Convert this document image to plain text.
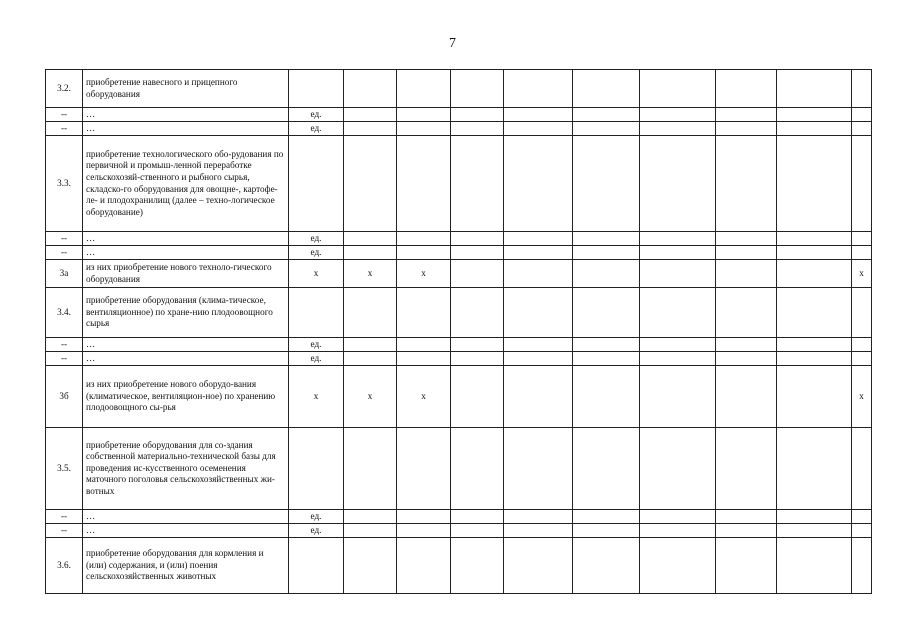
7
3.2.	приобретение навесного и прицепного оборудования										
--	…	ед.									
--	…	ед.									
3.3.	приобретение технологического обо-рудования по первичной и промыш-ленной переработке сельскохозяй-ственного и рыбного сырья, складско-го оборудования для овощне-, картофе-ле- и плодохранилищ (далее – техно-логическое оборудование)										
--	…	ед.									
--	…	ед.									
3а	из них приобретение нового техноло-гического оборудования	х	х	х							х
3.4.	приобретение оборудования (клима-тическое, вентиляционное) по хране-нию плодоовощного сырья										
--	…	ед.									
--	…	ед.									
3б	из них приобретение нового оборудо-вания (климатическое, вентиляцион-ное) по хранению плодоовощного сы-рья	х	х	х							х
3.5.	приобретение оборудования для со-здания собственной материально-технической базы для проведения ис-кусственного осеменения маточного поголовья сельскохозяйственных жи-вотных										
--	…	ед.									
--	…	ед.									
3.6.	приобретение оборудования для кормления и (или) содержания, и (или) поения сельскохозяйственных животных										
